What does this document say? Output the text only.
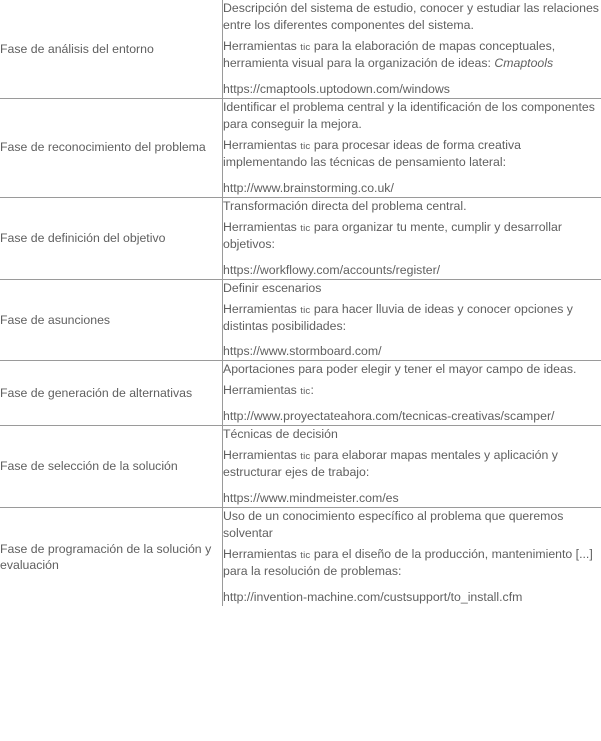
Fase de análisis del entorno	Descripción del sistema de estudio, conocer y estudiar las relaciones entre los diferentes componentes del sistema.
Herramientas tic para la elaboración de mapas conceptuales, herramienta visual para la organización de ideas: Cmaptools
https://cmaptools.uptodown.com/windows

Fase de reconocimiento del problema	Identificar el problema central y la identificación de los componentes para conseguir la mejora.
Herramientas tic para procesar ideas de forma creativa implementando las técnicas de pensamiento lateral:
http://www.brainstorming.co.uk/

Fase de definición del objetivo	Transformación directa del problema central.
Herramientas tic para organizar tu mente, cumplir y desarrollar objetivos:
https://workflowy.com/accounts/register/

Fase de asunciones	Definir escenarios
Herramientas tic para hacer lluvia de ideas y conocer opciones y distintas posibilidades:
https://www.stormboard.com/

Fase de generación de alternativas	Aportaciones para poder elegir y tener el mayor campo de ideas.
Herramientas tic:
http://www.proyectateahora.com/tecnicas-creativas/scamper/

Fase de selección de la solución	Técnicas de decisión
Herramientas tic para elaborar mapas mentales y aplicación y estructurar ejes de trabajo:
https://www.mindmeister.com/es

Fase de programación de la solución y evaluación	Uso de un conocimiento específico al problema que queremos solventar
Herramientas tic para el diseño de la producción, mantenimiento [...] para la resolución de problemas:
http://invention-machine.com/custsupport/to_install.cfm
